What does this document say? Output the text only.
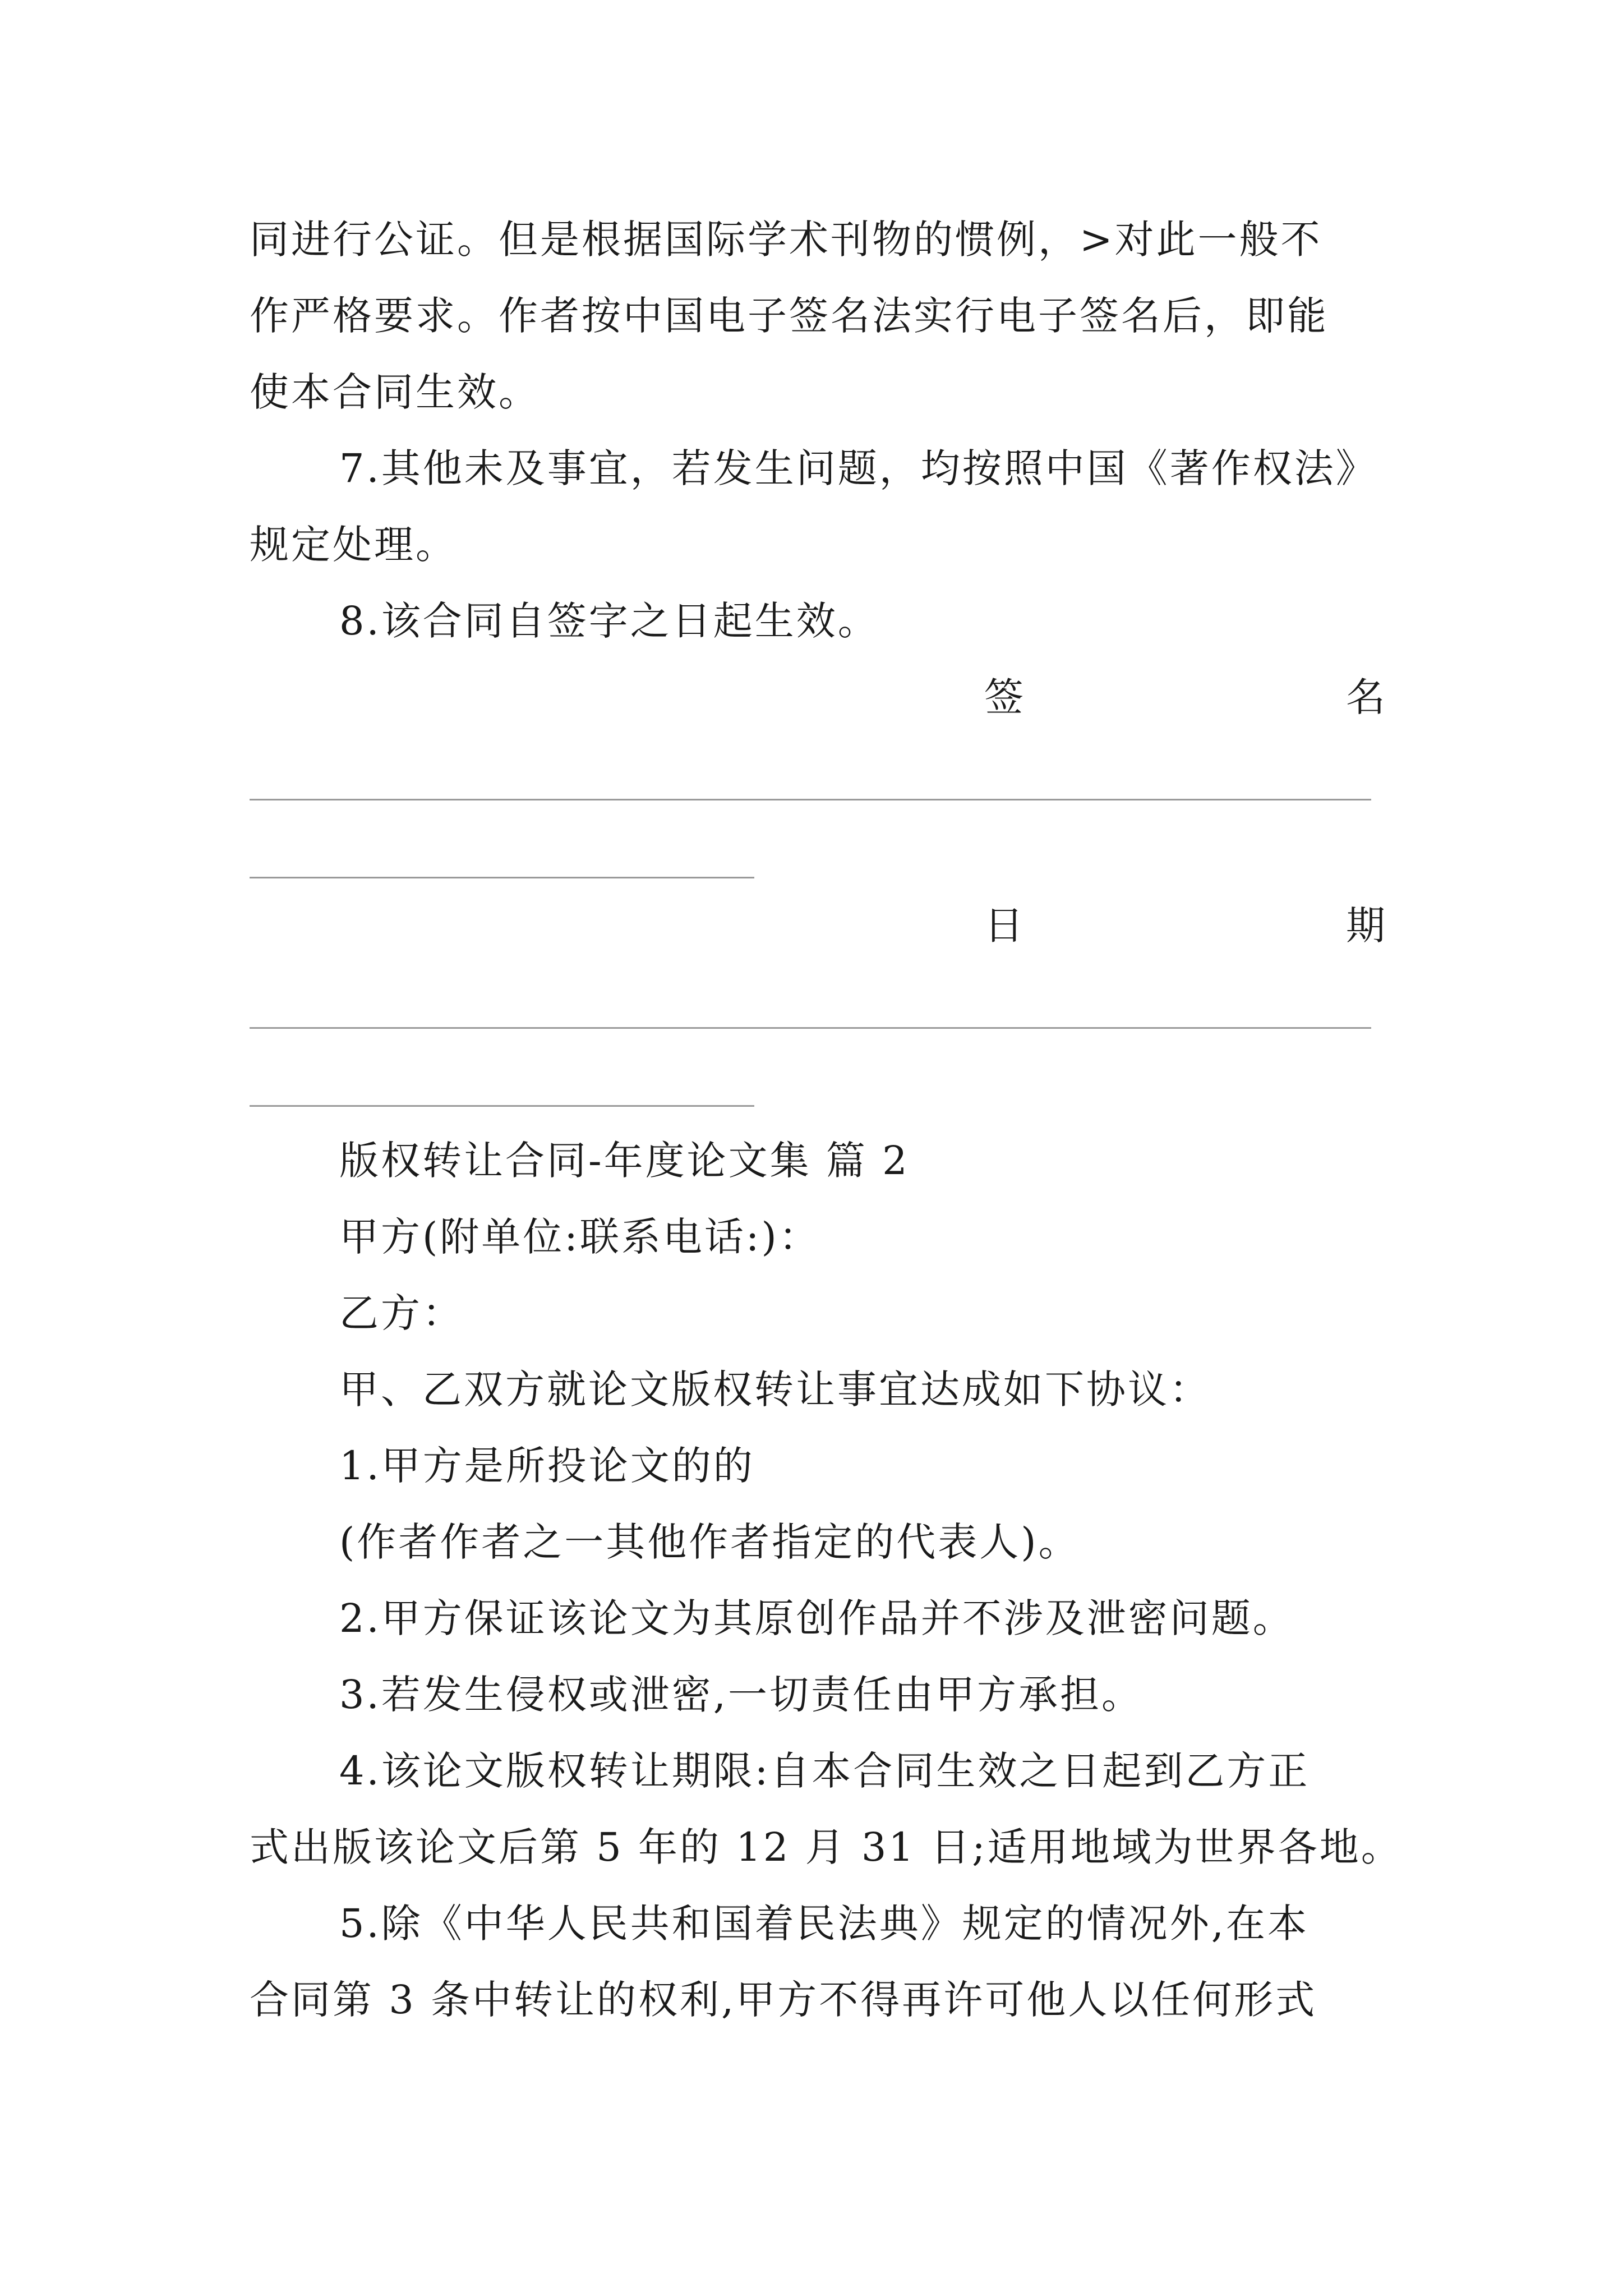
同进行公证。但是根据国际学术刊物的惯例，>对此一般不
作严格要求。作者按中国电子签名法实行电子签名后，即能
使本合同生效。
7.其他未及事宜，若发生问题，均按照中国《著作权法》
规定处理。
8.该合同自签字之日起生效。
签	名
日	期
版权转让合同-年度论文集 篇 2
甲方(附单位:联系电话:)：
乙方：
甲、乙双方就论文版权转让事宜达成如下协议：
1.甲方是所投论文的的
(作者作者之一其他作者指定的代表人)。
2.甲方保证该论文为其原创作品并不涉及泄密问题。
3.若发生侵权或泄密,一切责任由甲方承担。
4.该论文版权转让期限:自本合同生效之日起到乙方正
式出版该论文后第 5 年的 12 月 31 日;适用地域为世界各地。
5.除《中华人民共和国着民法典》规定的情况外,在本
合同第 3 条中转让的权利,甲方不得再许可他人以任何形式
